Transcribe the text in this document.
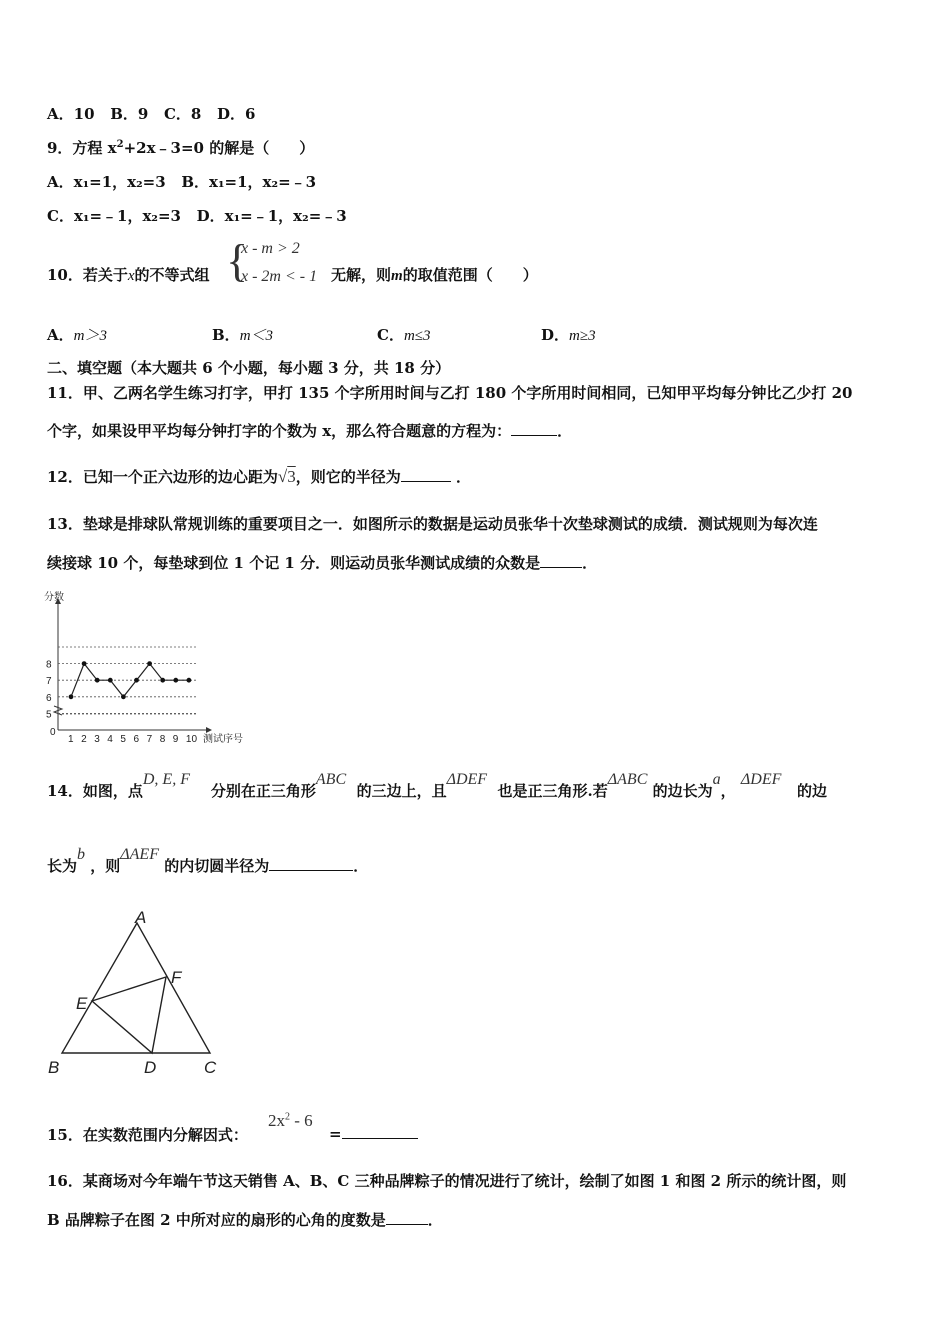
A．10 B．9 C．8 D．6
9．方程 $x^2+2x﹣3=0$ 的解是（　　）
A．x₁=1，x₂=3 B．x₁=1，x₂=﹣3
C．x₁=﹣1，x₂=3 D．x₁=﹣1，x₂=﹣3
10．若关于x的不等式组 {
x - m > 2
x - 2m < - 1 无解，则m的取值范围（　　）
A．m＞3	B．m＜3	C．m≤3	D．m≥3
二、填空题（本大题共 6 个小题，每小题 3 分，共 18 分）
11．甲、乙两名学生练习打字，甲打 135 个字所用时间与乙打 180 个字所用时间相同，已知甲平均每分钟比乙少打 20
个字，如果设甲平均每分钟打字的个数为 x，那么符合题意的方程为：	．
12．已知一个正六边形的边心距为√3，则它的半径为	．
13．垫球是排球队常规训练的重要项目之一．如图所示的数据是运动员张华十次垫球测试的成绩．测试规则为每次连
续接球 10 个，每垫球到位 1 个记 1 分．则运动员张华测试成绩的众数是	．
5
6
7
8
0
分数
1 2 3 4 5 6 7 8 9 10 测试序号
14．如图，点D, E, F    分别在正三角形ABC  的三边上，且ΔDEF  也是正三角形.若ΔABC 的边长为a， ΔDEF   的边
长为b ，则ΔAEF 的内切圆半径为	．
A
B	C
D
E
F
15．在实数范围内分解因式：
$2x^2 - 6$
=
16．某商场对今年端午节这天销售 A、B、C 三种品牌粽子的情况进行了统计，绘制了如图 1 和图 2 所示的统计图，则
B 品牌粽子在图 2 中所对应的扇形的心角的度数是	．
